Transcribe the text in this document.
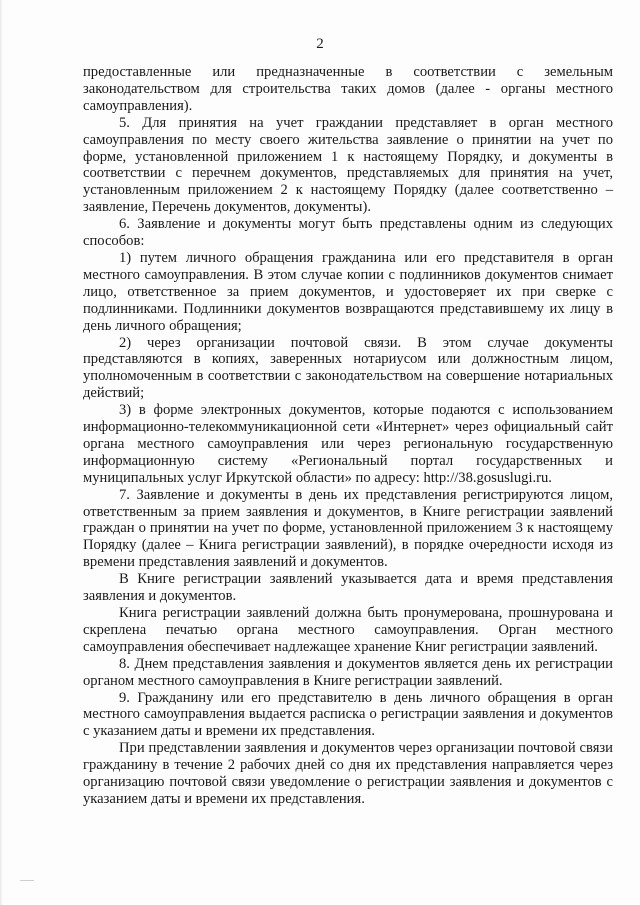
2

предоставленные или предназначенные в соответствии с земельным законодательством для строительства таких домов (далее - органы местного самоуправления).

5. Для принятия на учет граждании представляет в орган местного самоуправления по месту своего жительства заявление о принятии на учет по форме, установленной приложением 1 к настоящему Порядку, и документы в соответствии с перечнем документов, представляемых для принятия на учет, установленным приложением 2 к настоящему Порядку (далее соответственно – заявление, Перечень документов, документы).

6. Заявление и документы могут быть представлены одним из следующих способов:

1) путем личного обращения гражданина или его представителя в орган местного самоуправления. В этом случае копии с подлинников документов снимает лицо, ответственное за прием документов, и удостоверяет их при сверке с подлинниками. Подлинники документов возвращаются представившему их лицу в день личного обращения;

2) через организации почтовой связи. В этом случае документы представляются в копиях, заверенных нотариусом или должностным лицом, уполномоченным в соответствии с законодательством на совершение нотариальных действий;

3) в форме электронных документов, которые подаются с использованием информационно-телекоммуникационной сети «Интернет» через официальный сайт органа местного самоуправления или через региональную государственную информационную систему «Региональный портал государственных и муниципальных услуг Иркутской области» по адресу: http://38.gosuslugi.ru.

7. Заявление и документы в день их представления регистрируются лицом, ответственным за прием заявления и документов, в Книге регистрации заявлений граждан о принятии на учет по форме, установленной приложением 3 к настоящему Порядку (далее – Книга регистрации заявлений), в порядке очередности исходя из времени представления заявлений и документов.

В Книге регистрации заявлений указывается дата и время представления заявления и документов.

Книга регистрации заявлений должна быть пронумерована, прошнурована и скреплена печатью органа местного самоуправления. Орган местного самоуправления обеспечивает надлежащее хранение Книг регистрации заявлений.

8. Днем представления заявления и документов является день их регистрации органом местного самоуправления в Книге регистрации заявлений.

9. Гражданину или его представителю в день личного обращения в орган местного самоуправления выдается расписка о регистрации заявления и документов с указанием даты и времени их представления.

При представлении заявления и документов через организации почтовой связи гражданину в течение 2 рабочих дней со дня их представления направляется через организацию почтовой связи уведомление о регистрации заявления и документов с указанием даты и времени их представления.
